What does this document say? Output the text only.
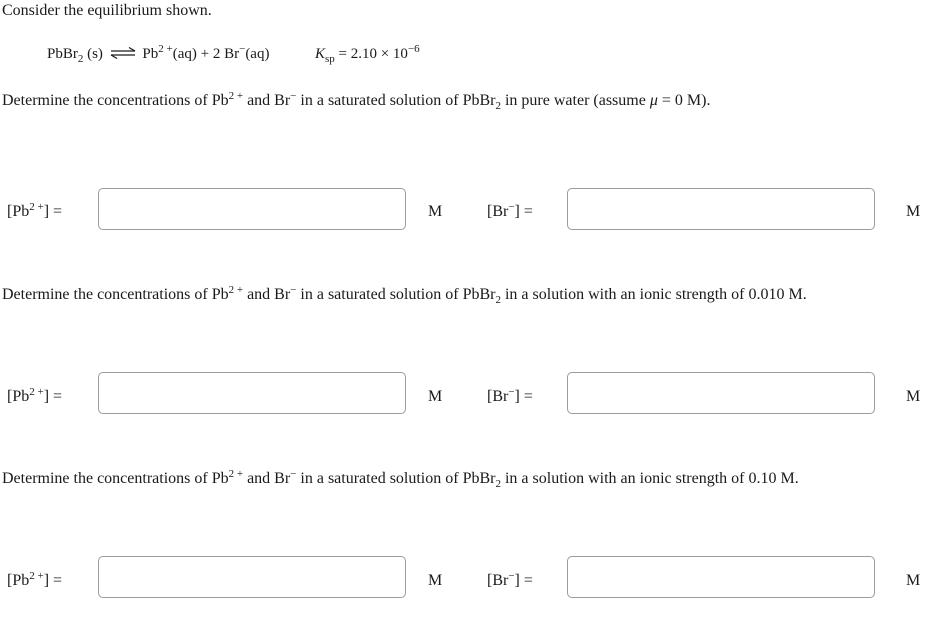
Consider the equilibrium shown.
PbBr$_2$ (s) ⇌ $Pb^{2 +}(aq) + 2$ Br−(aq)	$K_{sp} = 2.10 \times 10^{-6}$
Determine the concentrations of $Pb^{2 +}$ and Br− in a saturated solution of PbBr$_2$ in pure water (assume μ = 0 M).
$[Pb^{2 +}]$ =	M	[Br−] =	M
Determine the concentrations of $Pb^{2 +}$ and Br− in a saturated solution of PbBr$_2$ in a solution with an ionic strength of 0.010 M.
$[Pb^{2 +}]$ =	M	[Br−] =	M
Determine the concentrations of $Pb^{2 +}$ and Br− in a saturated solution of PbBr$_2$ in a solution with an ionic strength of 0.10 M.
$[Pb^{2 +}]$ =	M	[Br−] =	M
